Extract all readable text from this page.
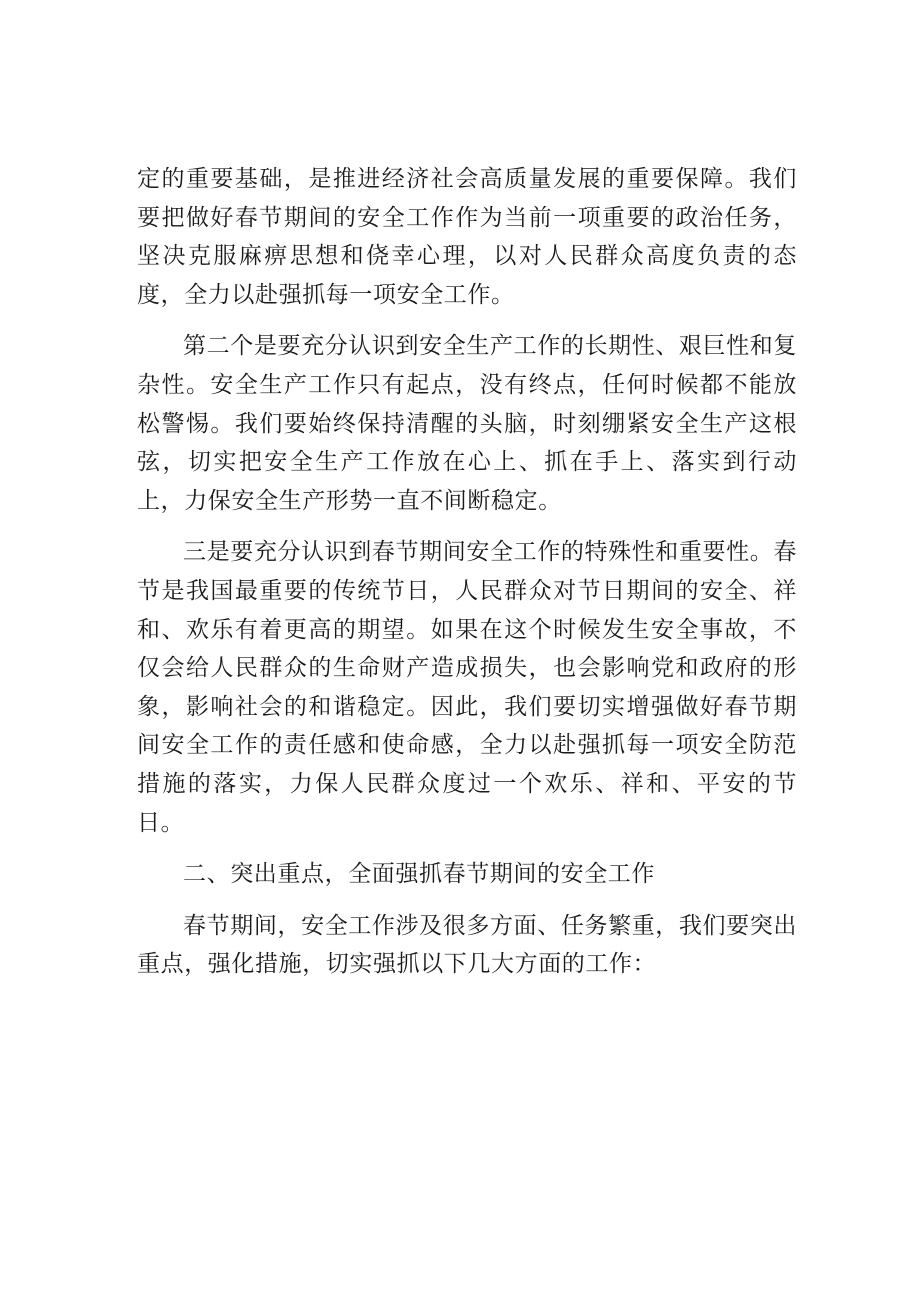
定的重要基础，是推进经济社会高质量发展的重要保障。我们要把做好春节期间的安全工作作为当前一项重要的政治任务，坚决克服麻痹思想和侥幸心理，以对人民群众高度负责的态度，全力以赴强抓每一项安全工作。

第二个是要充分认识到安全生产工作的长期性、艰巨性和复杂性。安全生产工作只有起点，没有终点，任何时候都不能放松警惕。我们要始终保持清醒的头脑，时刻绷紧安全生产这根弦，切实把安全生产工作放在心上、抓在手上、落实到行动上，力保安全生产形势一直不间断稳定。

三是要充分认识到春节期间安全工作的特殊性和重要性。春节是我国最重要的传统节日，人民群众对节日期间的安全、祥和、欢乐有着更高的期望。如果在这个时候发生安全事故，不仅会给人民群众的生命财产造成损失，也会影响党和政府的形象，影响社会的和谐稳定。因此，我们要切实增强做好春节期间安全工作的责任感和使命感，全力以赴强抓每一项安全防范措施的落实，力保人民群众度过一个欢乐、祥和、平安的节日。

二、突出重点，全面强抓春节期间的安全工作

春节期间，安全工作涉及很多方面、任务繁重，我们要突出重点，强化措施，切实强抓以下几大方面的工作：
